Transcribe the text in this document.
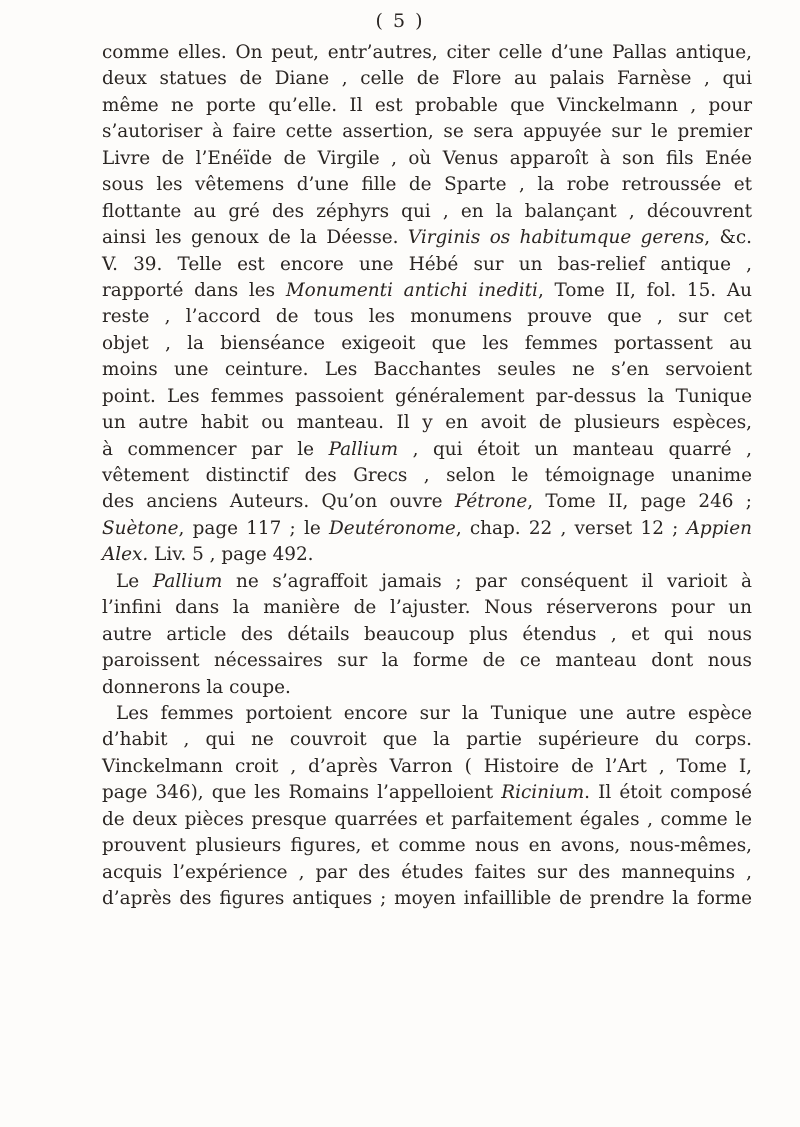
( 5 )
comme elles. On peut, entr’autres, citer celle d’une Pallas antique,
deux statues de Diane , celle de Flore au palais Farnèse , qui
même ne porte qu’elle. Il est probable que Vinckelmann , pour
s’autoriser à faire cette assertion, se sera appuyée sur le premier
Livre de l’Enéïde de Virgile , où Venus apparoît à son fils Enée
sous les vêtemens d’une fille de Sparte , la robe retroussée et
flottante au gré des zéphyrs qui , en la balançant , découvrent
ainsi les genoux de la Déesse. Virginis os habitumque gerens, &c.
V. 39. Telle est encore une Hébé sur un bas-relief antique ,
rapporté dans les Monumenti antichi inediti, Tome II, fol. 15. Au
reste , l’accord de tous les monumens prouve que , sur cet
objet , la bienséance exigeoit que les femmes portassent au
moins une ceinture. Les Bacchantes seules ne s’en servoient
point. Les femmes passoient généralement par-dessus la Tunique
un autre habit ou manteau. Il y en avoit de plusieurs espèces,
à commencer par le Pallium , qui étoit un manteau quarré ,
vêtement distinctif des Grecs , selon le témoignage unanime
des anciens Auteurs. Qu’on ouvre Pétrone, Tome II, page 246 ;
Suètone, page 117 ; le Deutéronome, chap. 22 , verset 12 ; Appien
Alex. Liv. 5 , page 492.
Le Pallium ne s’agraffoit jamais ; par conséquent il varioit à
l’infini dans la manière de l’ajuster. Nous réserverons pour un
autre article des détails beaucoup plus étendus , et qui nous
paroissent nécessaires sur la forme de ce manteau dont nous
donnerons la coupe.
Les femmes portoient encore sur la Tunique une autre espèce
d’habit , qui ne couvroit que la partie supérieure du corps.
Vinckelmann croit , d’après Varron ( Histoire de l’Art , Tome I,
page 346), que les Romains l’appelloient Ricinium. Il étoit composé
de deux pièces presque quarrées et parfaitement égales , comme le
prouvent plusieurs figures, et comme nous en avons, nous-mêmes,
acquis l’expérience , par des études faites sur des mannequins ,
d’après des figures antiques ; moyen infaillible de prendre la forme
